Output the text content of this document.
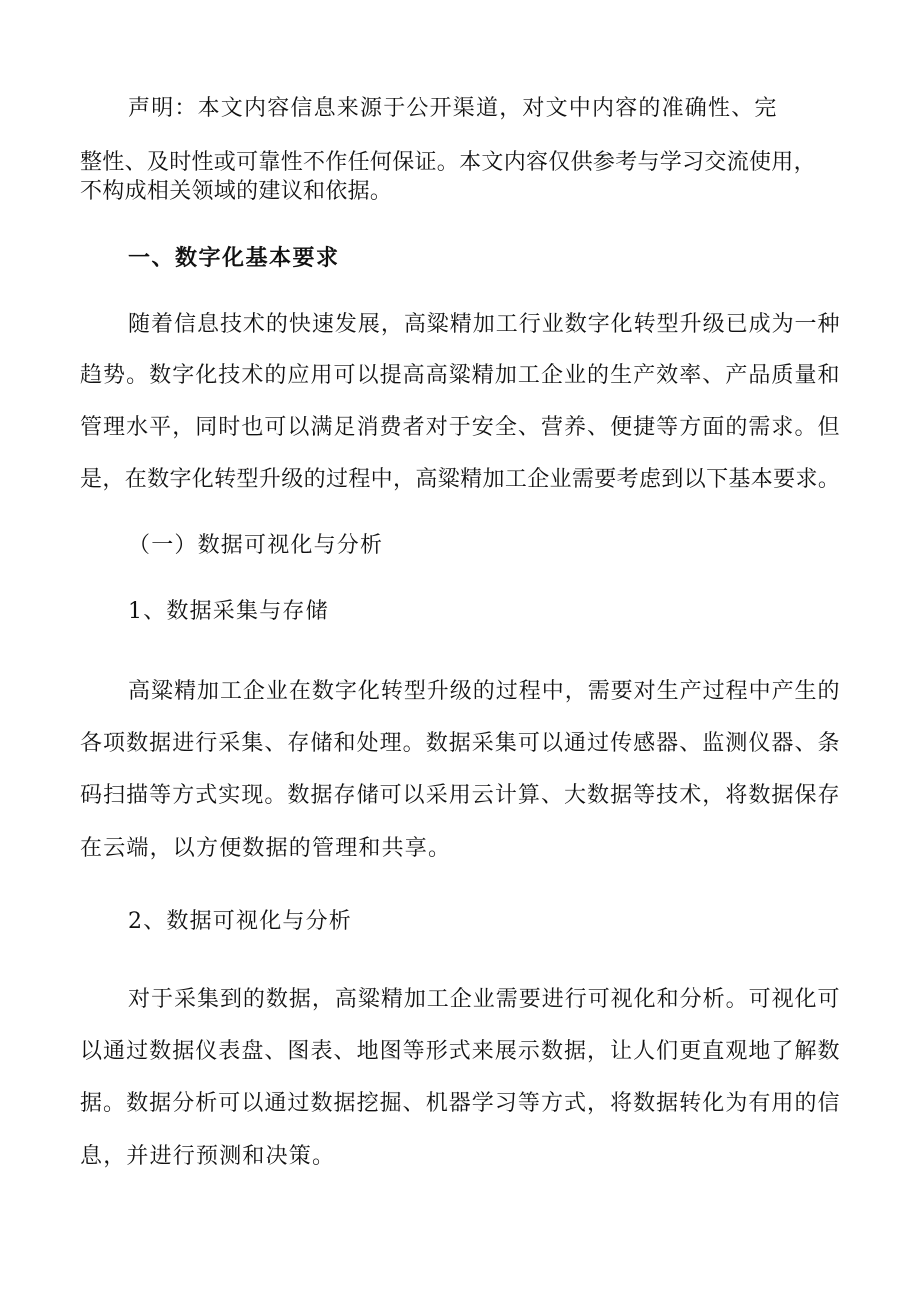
声明：本文内容信息来源于公开渠道，对文中内容的准确性、完
整性、及时性或可靠性不作任何保证。本文内容仅供参考与学习交流使用，
不构成相关领域的建议和依据。
一、数字化基本要求
随 着 信 息 技 术 的 快 速 发 展 ， 高 粱 精 加 工 行 业 数 字 化 转 型 升 级 已 成 为 一 种
趋 势 。 数 字 化 技 术 的 应 用 可 以 提 高 高 粱 精 加 工 企 业 的 生 产 效 率 、 产 品 质 量 和
管 理 水 平 ， 同 时 也 可 以 满 足 消 费 者 对 于 安 全 、 营 养 、 便 捷 等 方 面 的 需 求 。 但
是 ， 在 数 字 化 转 型 升 级 的 过 程 中 ， 高 粱 精 加 工 企 业 需 要 考 虑 到 以 下 基 本 要 求 。
（一）数据可视化与分析
1、数据采集与存储
高 粱 精 加 工 企 业 在 数 字 化 转 型 升 级 的 过 程 中 ， 需 要 对 生 产 过 程 中 产 生 的
各 项 数 据 进 行 采 集 、 存 储 和 处 理 。 数 据 采 集 可 以 通 过 传 感 器 、 监 测 仪 器 、 条
码 扫 描 等 方 式 实 现 。 数 据 存 储 可 以 采 用 云 计 算 、 大 数 据 等 技 术 ， 将 数 据 保 存
在云端，以方便数据的管理和共享。
2、数据可视化与分析
对 于 采 集 到 的 数 据 ， 高 粱 精 加 工 企 业 需 要 进 行 可 视 化 和 分 析 。 可 视 化 可
以 通 过 数 据 仪 表 盘 、 图 表 、 地 图 等 形 式 来 展 示 数 据 ， 让 人 们 更 直 观 地 了 解 数
据 。 数 据 分 析 可 以 通 过 数 据 挖 掘 、 机 器 学 习 等 方 式 ， 将 数 据 转 化 为 有 用 的 信
息，并进行预测和决策。
